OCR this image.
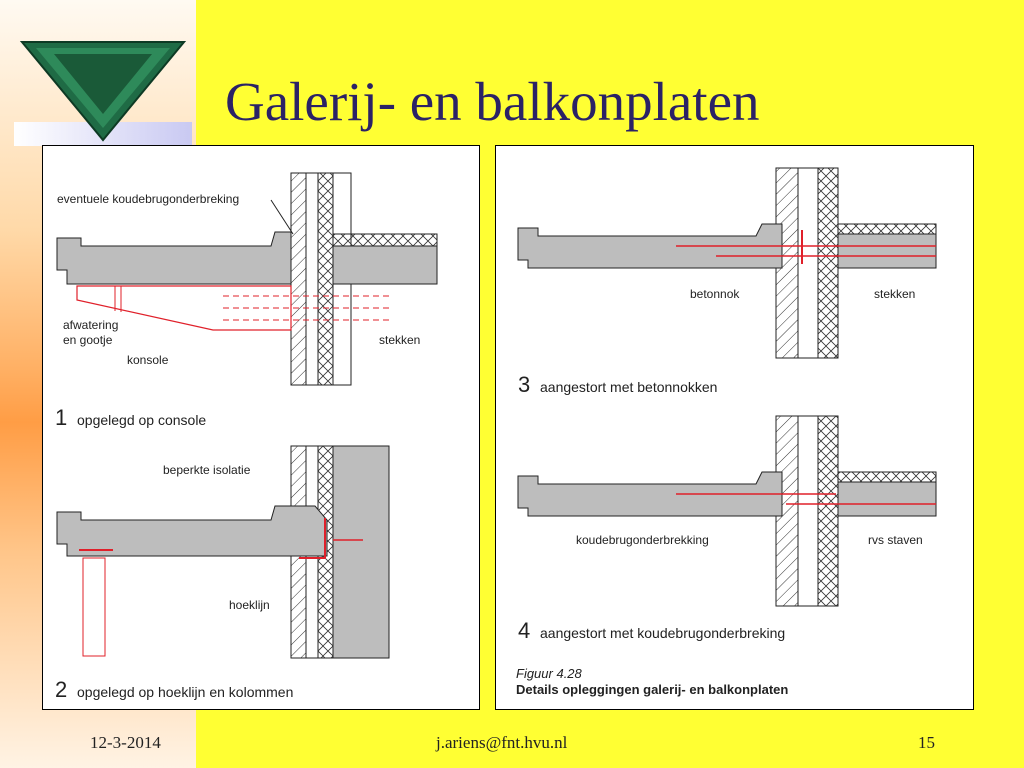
Galerij- en balkonplaten
eventuele koudebrugonderbreking
afwatering
en gootje
konsole
stekken
1 opgelegd op console
beperkte isolatie
hoeklijn
2 opgelegd op hoeklijn en kolommen
betonnok	stekken
3 aangestort met betonnokken
koudebrugonderbrekking	rvs staven
4 aangestort met koudebrugonderbreking
Figuur 4.28
Details opleggingen galerij- en balkonplaten
12-3-2014	j.ariens@fnt.hvu.nl	15
